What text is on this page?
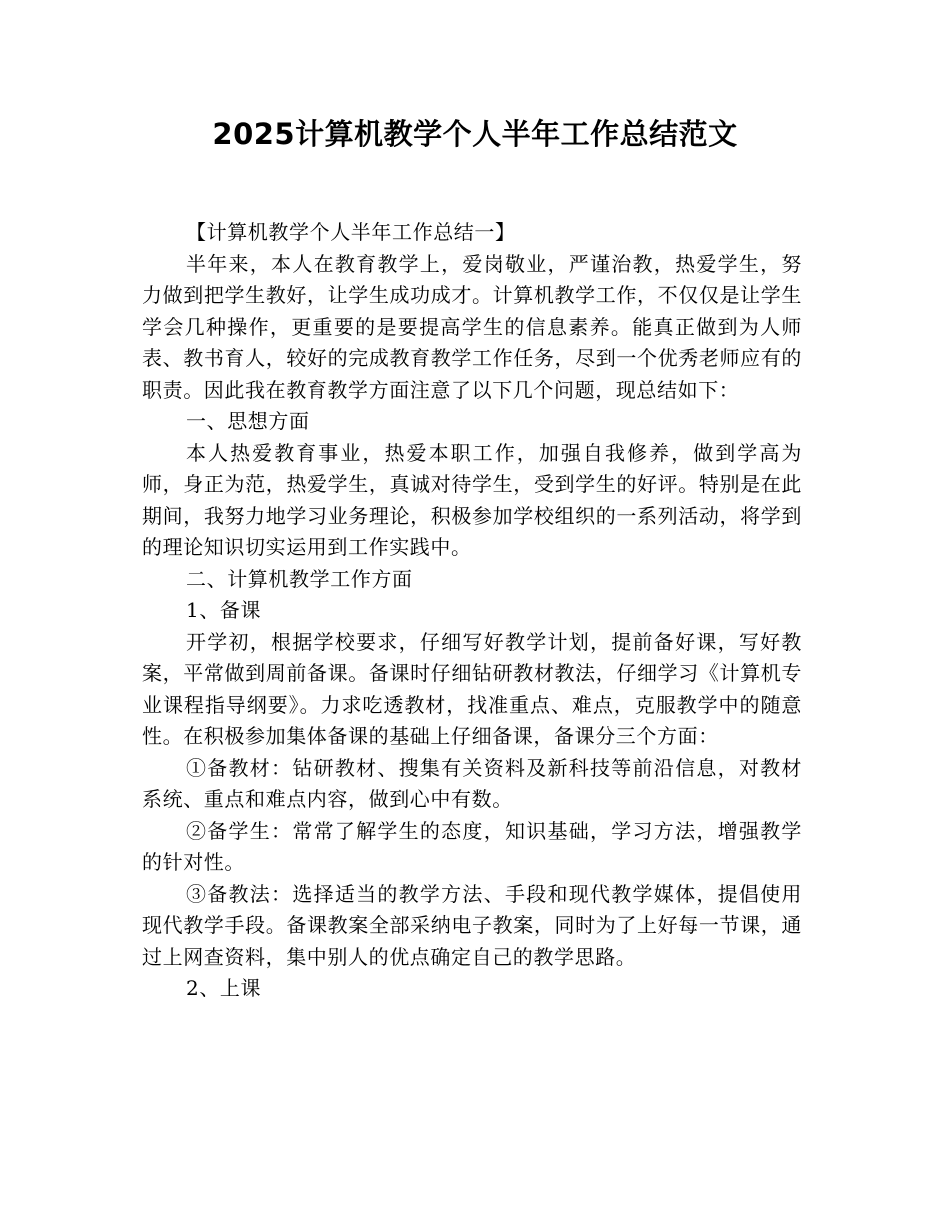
2025计算机教学个人半年工作总结范文

【计算机教学个人半年工作总结一】

半年来，本人在教育教学上，爱岗敬业，严谨治教，热爱学生，努力做到把学生教好，让学生成功成才。计算机教学工作，不仅仅是让学生学会几种操作，更重要的是要提高学生的信息素养。能真正做到为人师表、教书育人，较好的完成教育教学工作任务，尽到一个优秀老师应有的职责。因此我在教育教学方面注意了以下几个问题，现总结如下：

一、思想方面

本人热爱教育事业，热爱本职工作，加强自我修养，做到学高为师，身正为范，热爱学生，真诚对待学生，受到学生的好评。特别是在此期间，我努力地学习业务理论，积极参加学校组织的一系列活动，将学到的理论知识切实运用到工作实践中。

二、计算机教学工作方面

1、备课

开学初，根据学校要求，仔细写好教学计划，提前备好课，写好教案，平常做到周前备课。备课时仔细钻研教材教法，仔细学习《计算机专业课程指导纲要》。力求吃透教材，找准重点、难点，克服教学中的随意性。在积极参加集体备课的基础上仔细备课，备课分三个方面：

①备教材：钻研教材、搜集有关资料及新科技等前沿信息，对教材系统、重点和难点内容，做到心中有数。

②备学生：常常了解学生的态度，知识基础，学习方法，增强教学的针对性。

③备教法：选择适当的教学方法、手段和现代教学媒体，提倡使用现代教学手段。备课教案全部采纳电子教案，同时为了上好每一节课，通过上网查资料，集中别人的优点确定自己的教学思路。

2、上课
